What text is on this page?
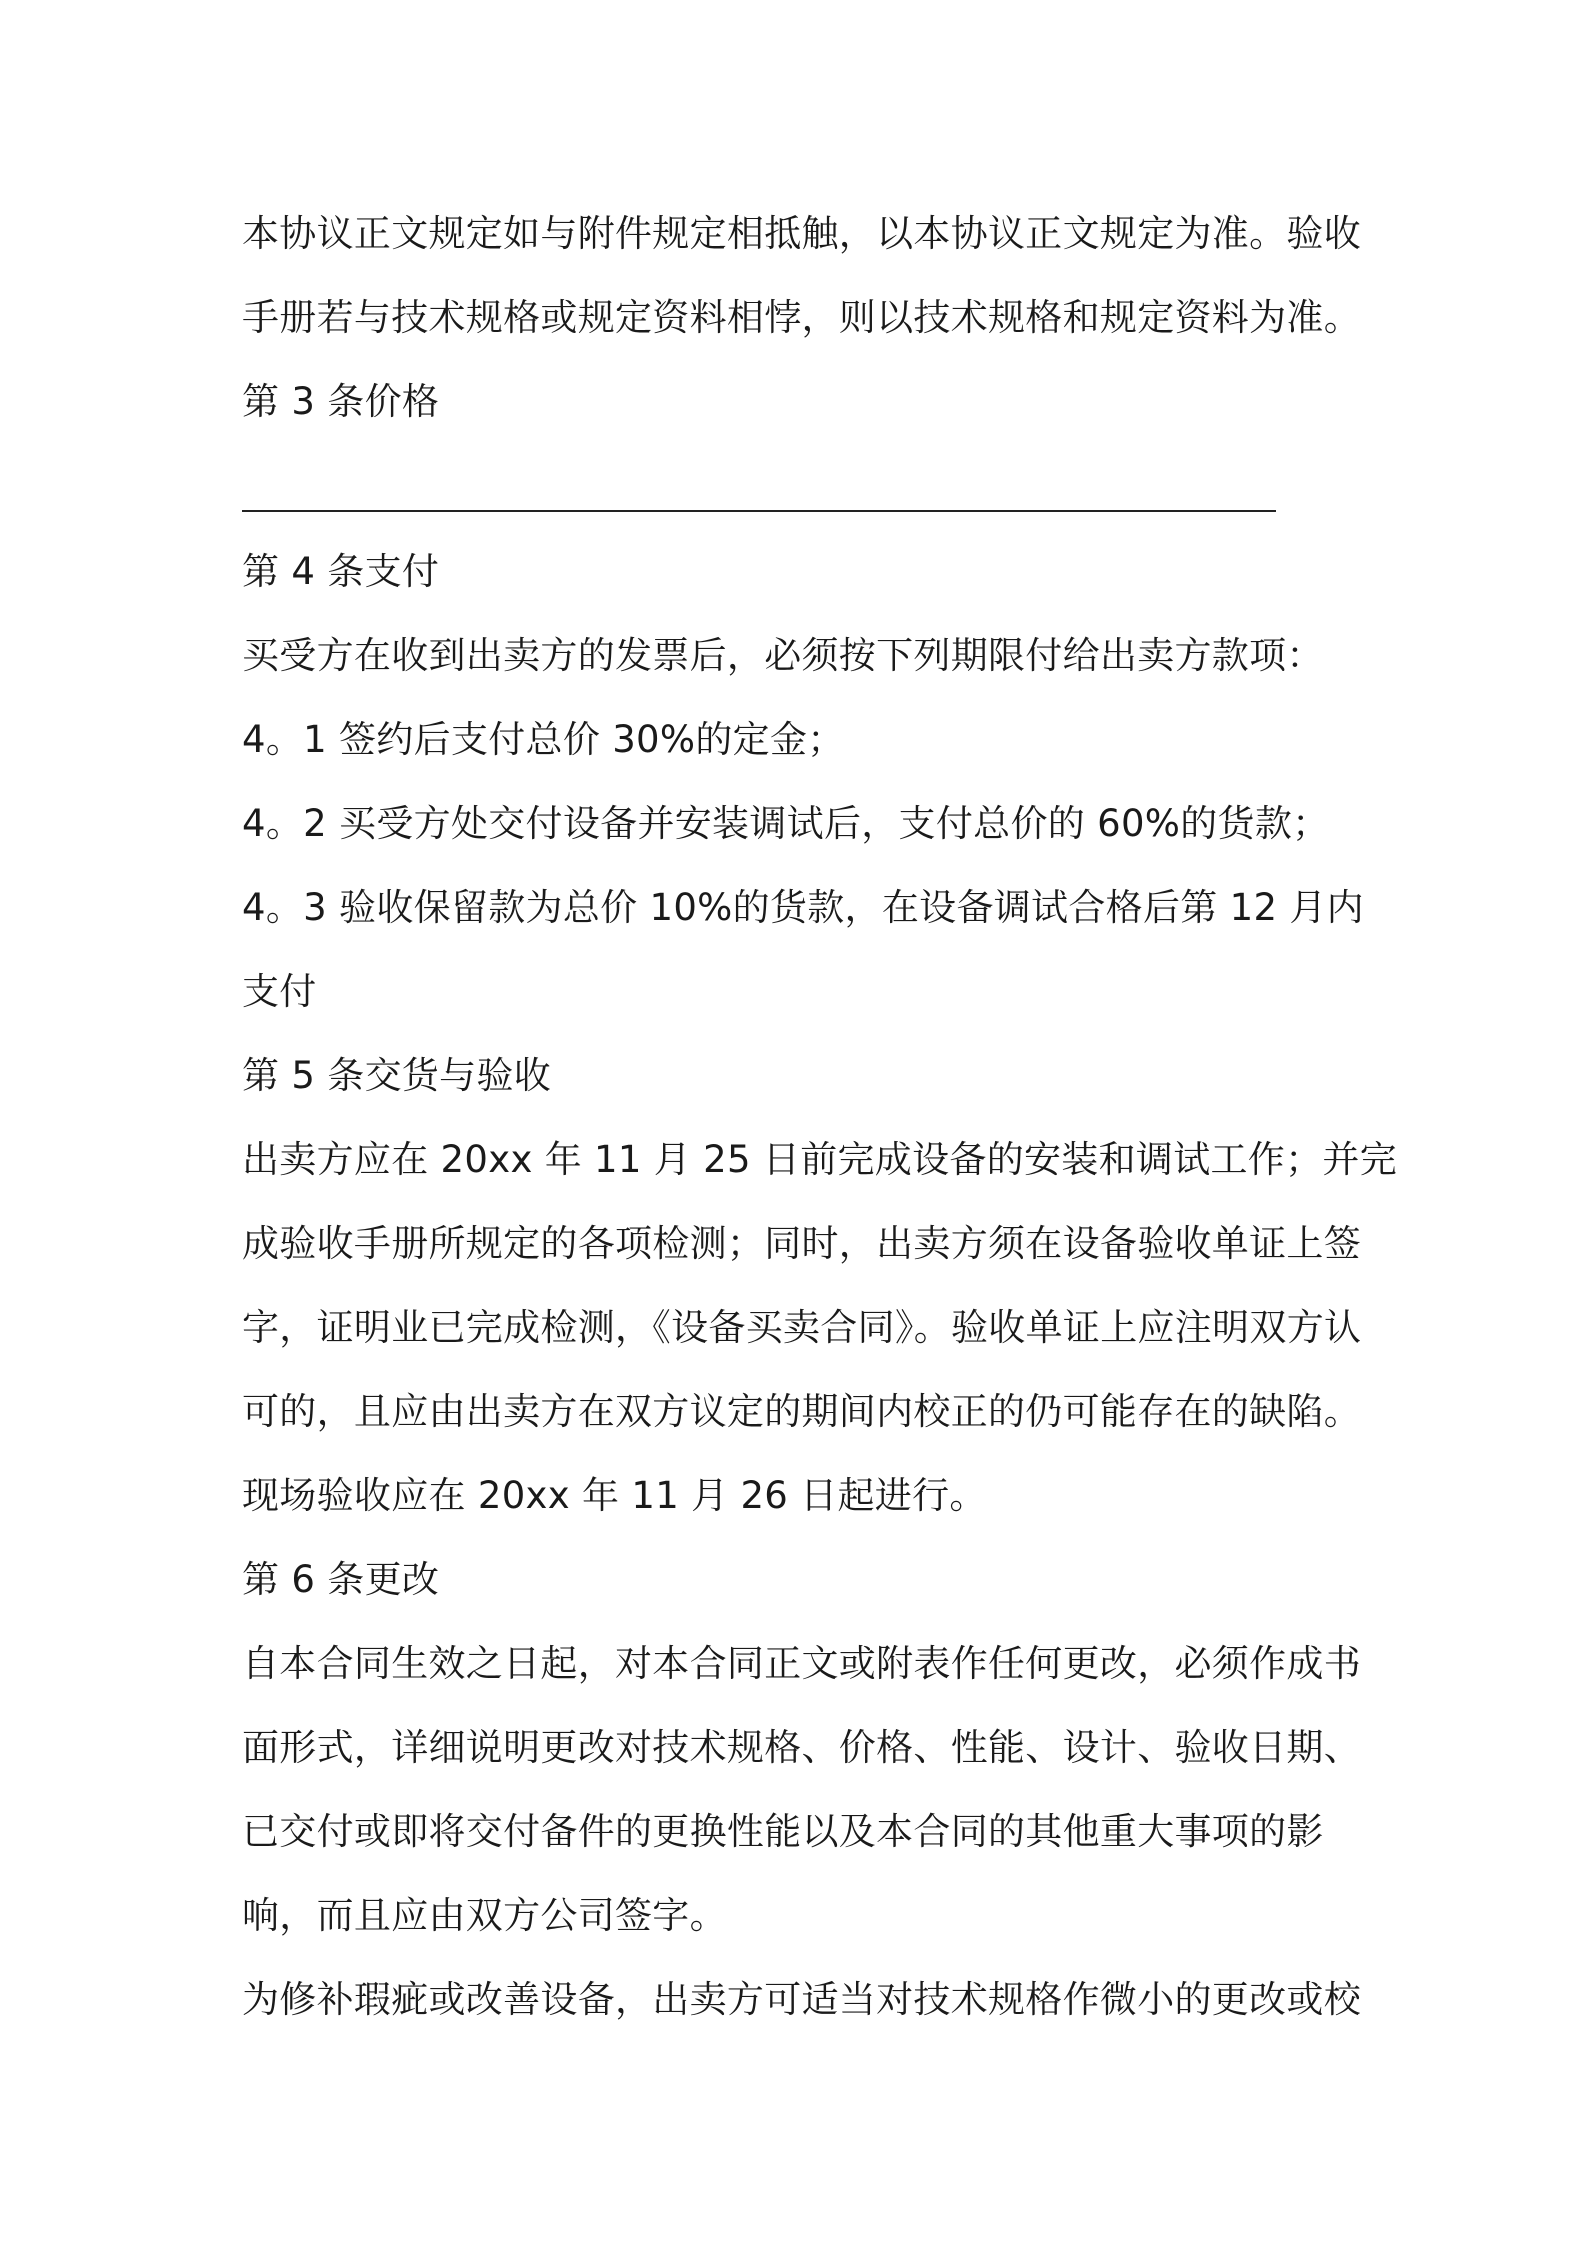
本协议正文规定如与附件规定相抵触，以本协议正文规定为准。验收
手册若与技术规格或规定资料相悖，则以技术规格和规定资料为准。
第 3 条价格
第 4 条支付
买受方在收到出卖方的发票后，必须按下列期限付给出卖方款项：
4。1 签约后支付总价 30%的定金；
4。2 买受方处交付设备并安装调试后，支付总价的 60%的货款；
4。3 验收保留款为总价 10%的货款，在设备调试合格后第 12 月内
支付
第 5 条交货与验收
出卖方应在 20xx 年 11 月 25 日前完成设备的安装和调试工作；并完
成验收手册所规定的各项检测；同时，出卖方须在设备验收单证上签
字，证明业已完成检测，《设备买卖合同》。验收单证上应注明双方认
可的，且应由出卖方在双方议定的期间内校正的仍可能存在的缺陷。
现场验收应在 20xx 年 11 月 26 日起进行。
第 6 条更改
自本合同生效之日起，对本合同正文或附表作任何更改，必须作成书
面形式，详细说明更改对技术规格、价格、性能、设计、验收日期、
已交付或即将交付备件的更换性能以及本合同的其他重大事项的影
响，而且应由双方公司签字。
为修补瑕疵或改善设备，出卖方可适当对技术规格作微小的更改或校
